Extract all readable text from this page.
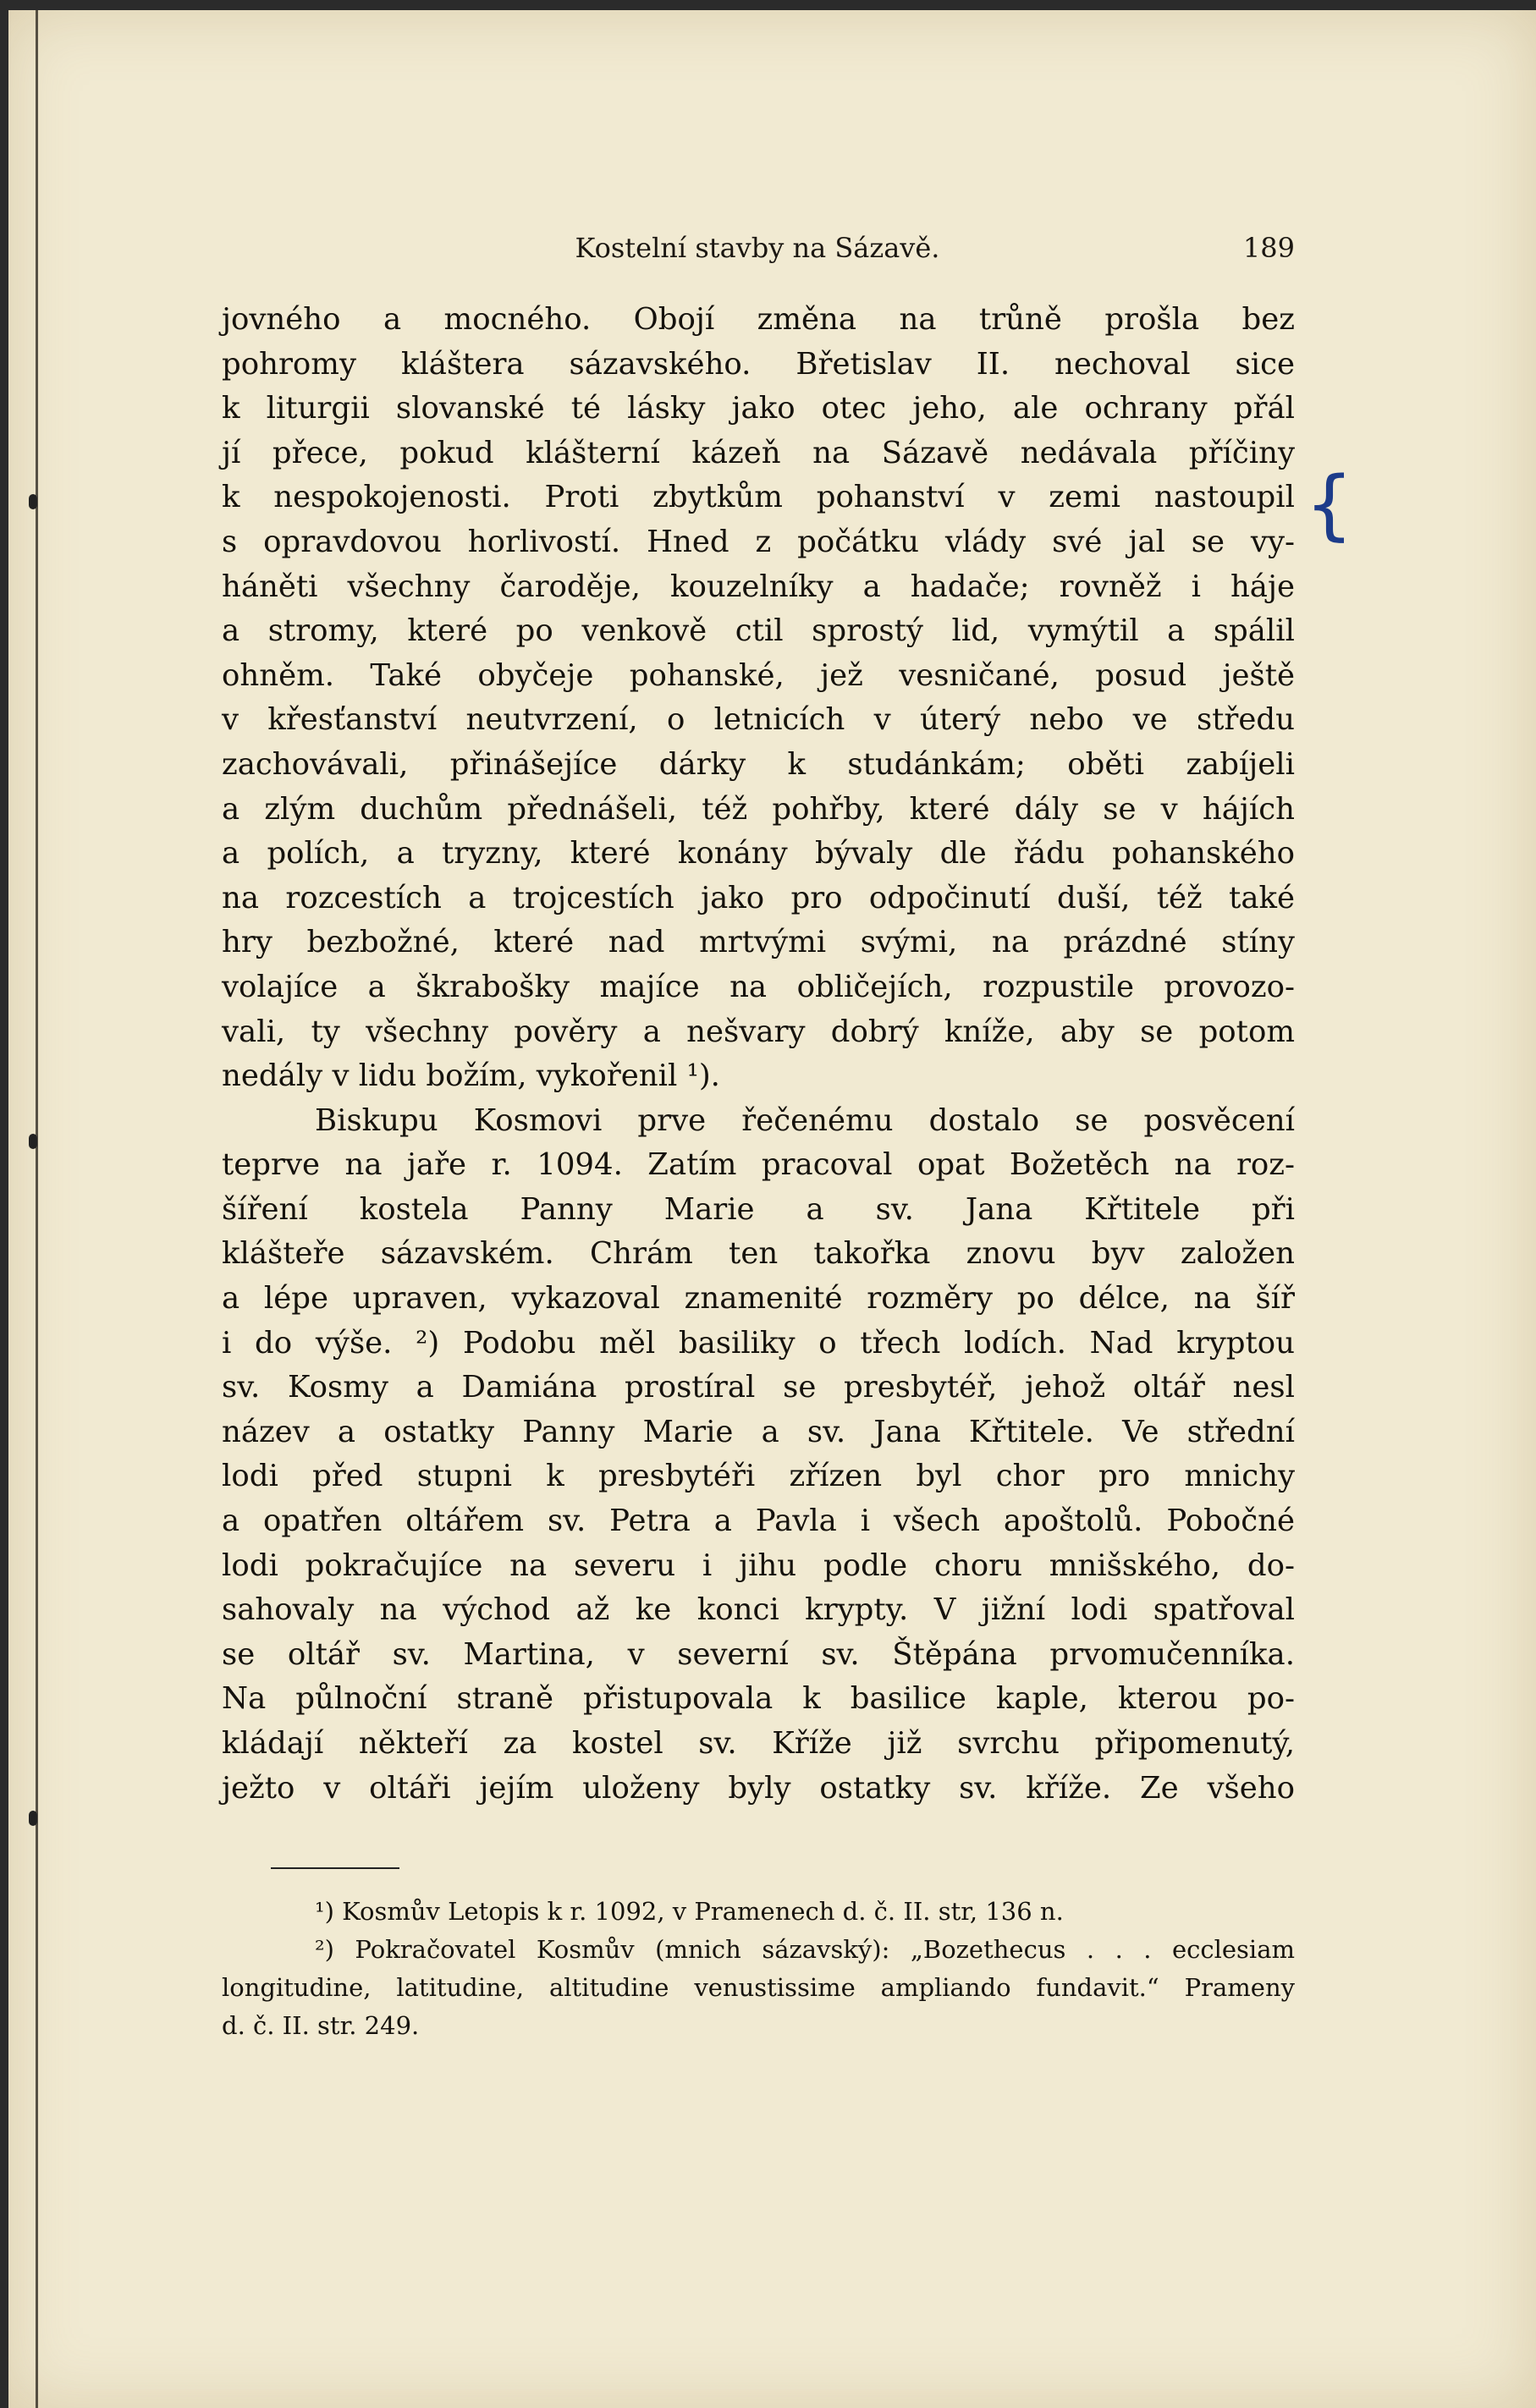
{
Kostelní stavby na Sázavě.	189
jovného a mocného. Obojí změna na trůně prošla bez
pohromy kláštera sázavského. Břetislav II. nechoval sice
k liturgii slovanské té lásky jako otec jeho, ale ochrany přál
jí přece, pokud klášterní kázeň na Sázavě nedávala příčiny
k nespokojenosti. Proti zbytkům pohanství v zemi nastoupil
s opravdovou horlivostí. Hned z počátku vlády své jal se vy-
háněti všechny čaroděje, kouzelníky a hadače; rovněž i háje
a stromy, které po venkově ctil sprostý lid, vymýtil a spálil
ohněm. Také obyčeje pohanské, jež vesničané, posud ještě
v křesťanství neutvrzení, o letnicích v úterý nebo ve středu
zachovávali, přinášejíce dárky k studánkám; oběti zabíjeli
a zlým duchům přednášeli, též pohřby, které dály se v hájích
a polích, a tryzny, které konány bývaly dle řádu pohanského
na rozcestích a trojcestích jako pro odpočinutí duší, též také
hry bezbožné, které nad mrtvými svými, na prázdné stíny
volajíce a škrabošky majíce na obličejích, rozpustile provozo-
vali, ty všechny pověry a nešvary dobrý kníže, aby se potom
nedály v lidu božím, vykořenil ¹).
Biskupu Kosmovi prve řečenému dostalo se posvěcení
teprve na jaře r. 1094. Zatím pracoval opat Božetěch na roz-
šíření kostela Panny Marie a sv. Jana Křtitele při
klášteře sázavském. Chrám ten takořka znovu byv založen
a lépe upraven, vykazoval znamenité rozměry po délce, na šíř
i do výše. ²) Podobu měl basiliky o třech lodích. Nad kryptou
sv. Kosmy a Damiána prostíral se presbytéř, jehož oltář nesl
název a ostatky Panny Marie a sv. Jana Křtitele. Ve střední
lodi před stupni k presbytéři zřízen byl chor pro mnichy
a opatřen oltářem sv. Petra a Pavla i všech apoštolů. Pobočné
lodi pokračujíce na severu i jihu podle choru mnišského, do-
sahovaly na východ až ke konci krypty. V jižní lodi spatřoval
se oltář sv. Martina, v severní sv. Štěpána prvomučenníka.
Na půlnoční straně přistupovala k basilice kaple, kterou po-
kládají někteří za kostel sv. Kříže již svrchu připomenutý,
ježto v oltáři jejím uloženy byly ostatky sv. kříže. Ze všeho
¹) Kosmův Letopis k r. 1092, v Pramenech d. č. II. str, 136 n.
²) Pokračovatel Kosmův (mnich sázavský): „Bozethecus . . . ecclesiam
longitudine, latitudine, altitudine venustissime ampliando fundavit.“ Prameny
d. č. II. str. 249.
